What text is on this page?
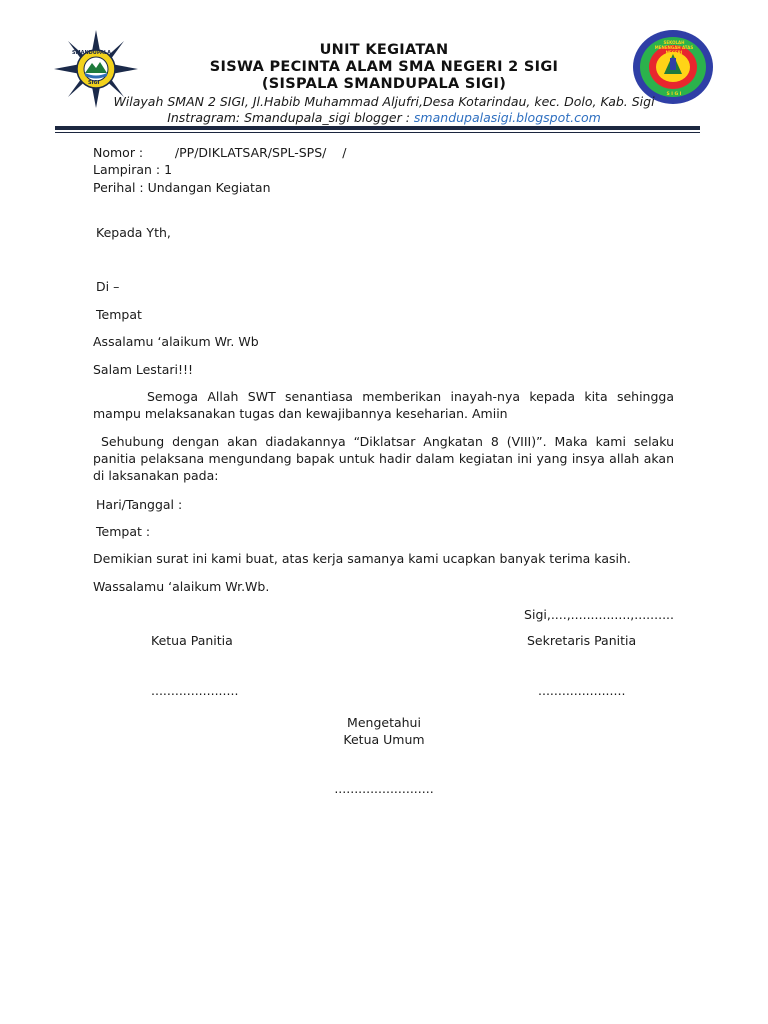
SMANDUPALA
SIGI
SEKOLAH MENENGAH ATAS NEGERI
S I G I
UNIT KEGIATAN
SISWA PECINTA ALAM SMA NEGERI 2 SIGI
(SISPALA SMANDUPALA SIGI)
Wilayah SMAN 2 SIGI, Jl.Habib Muhammad Aljufri,Desa Kotarindau, kec. Dolo, Kab. Sigi
Instragram: Smandupala_sigi blogger : smandupalasigi.blogspot.com
Nomor :        /PP/DIKLATSAR/SPL-SPS/    /
Lampiran : 1
Perihal : Undangan Kegiatan
Kepada Yth,
Di –
Tempat
Assalamu ‘alaikum Wr. Wb
Salam Lestari!!!
Semoga Allah SWT senantiasa memberikan inayah-nya kepada kita sehingga mampu melaksanakan tugas dan kewajibannya keseharian. Amiin
Sehubung dengan akan diadakannya “Diklatsar Angkatan 8 (VIII)”. Maka kami selaku panitia pelaksana mengundang bapak untuk hadir dalam kegiatan ini yang insya allah akan di laksanakan pada:
Hari/Tanggal :
Tempat :
Demikian surat ini kami buat, atas kerja samanya kami ucapkan banyak terima kasih.
Wassalamu ‘alaikum Wr.Wb.
Sigi,....,...............,..........
Ketua Panitia	Sekretaris Panitia
......................	......................
Mengetahui
Ketua Umum
.........................
